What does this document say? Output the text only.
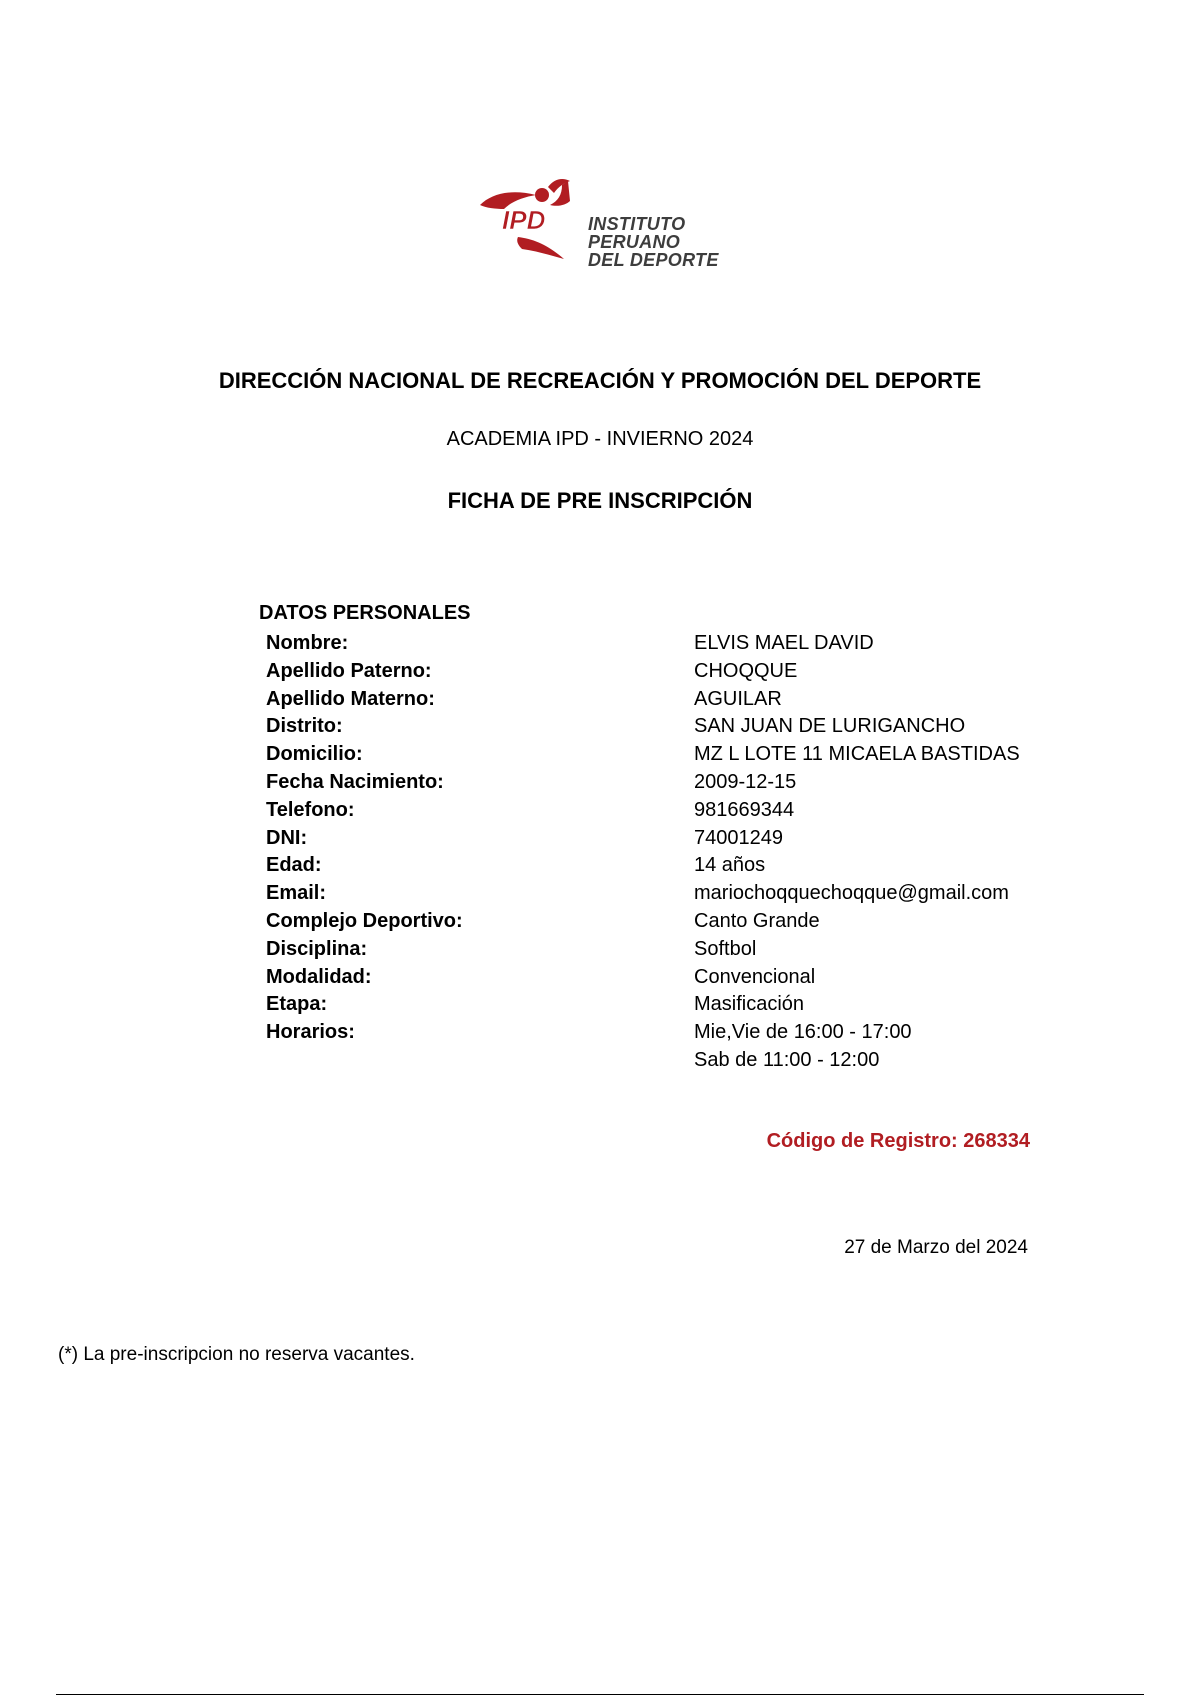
IPD INSTITUTO
PERUANO
DEL DEPORTE
DIRECCIÓN NACIONAL DE RECREACIÓN Y PROMOCIÓN DEL DEPORTE
ACADEMIA IPD - INVIERNO 2024
FICHA DE PRE INSCRIPCIÓN
DATOS PERSONALES
Nombre:	ELVIS MAEL DAVID
Apellido Paterno:	CHOQQUE
Apellido Materno:	AGUILAR
Distrito:	SAN JUAN DE LURIGANCHO
Domicilio:	MZ L LOTE 11 MICAELA BASTIDAS
Fecha Nacimiento:	2009-12-15
Telefono:	981669344
DNI:	74001249
Edad:	14 años
Email:	mariochoqquechoqque@gmail.com
Complejo Deportivo:	Canto Grande
Disciplina:	Softbol
Modalidad:	Convencional
Etapa:	Masificación
Horarios:	Mie,Vie de 16:00 - 17:00
Sab de 11:00 - 12:00
Código de Registro: 268334
27 de Marzo del 2024
(*) La pre-inscripcion no reserva vacantes.
